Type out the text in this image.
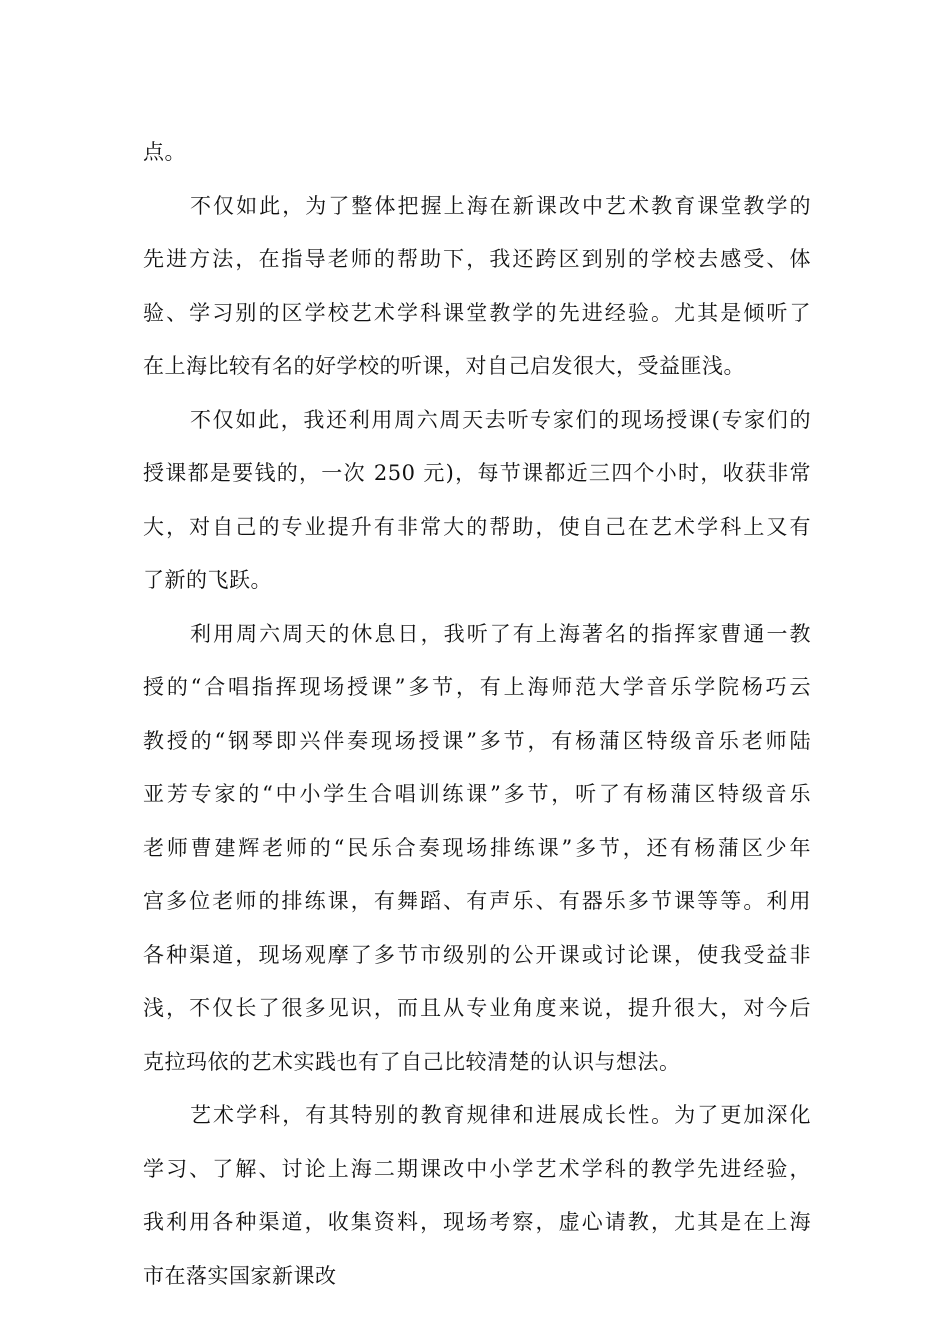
点。
不仅如此，为了整体把握上海在新课改中艺术教育课堂教学的
先进方法，在指导老师的帮助下，我还跨区到别的学校去感受、体
验、学习别的区学校艺术学科课堂教学的先进经验。尤其是倾听了
在上海比较有名的好学校的听课，对自己启发很大，受益匪浅。
不仅如此，我还利用周六周天去听专家们的现场授课(专家们的
授课都是要钱的，一次 250 元)，每节课都近三四个小时，收获非常
大，对自己的专业提升有非常大的帮助，使自己在艺术学科上又有
了新的飞跃。
利用周六周天的休息日，我听了有上海著名的指挥家曹通一教
授的“合唱指挥现场授课”多节，有上海师范大学音乐学院杨巧云
教授的“钢琴即兴伴奏现场授课”多节，有杨蒲区特级音乐老师陆
亚芳专家的“中小学生合唱训练课”多节，听了有杨蒲区特级音乐
老师曹建辉老师的“民乐合奏现场排练课”多节，还有杨蒲区少年
宫多位老师的排练课，有舞蹈、有声乐、有器乐多节课等等。利用
各种渠道，现场观摩了多节市级别的公开课或讨论课，使我受益非
浅，不仅长了很多见识，而且从专业角度来说，提升很大，对今后
克拉玛依的艺术实践也有了自己比较清楚的认识与想法。
艺术学科，有其特别的教育规律和进展成长性。为了更加深化
学习、了解、讨论上海二期课改中小学艺术学科的教学先进经验，
我利用各种渠道，收集资料，现场考察，虚心请教，尤其是在上海
市在落实国家新课改
